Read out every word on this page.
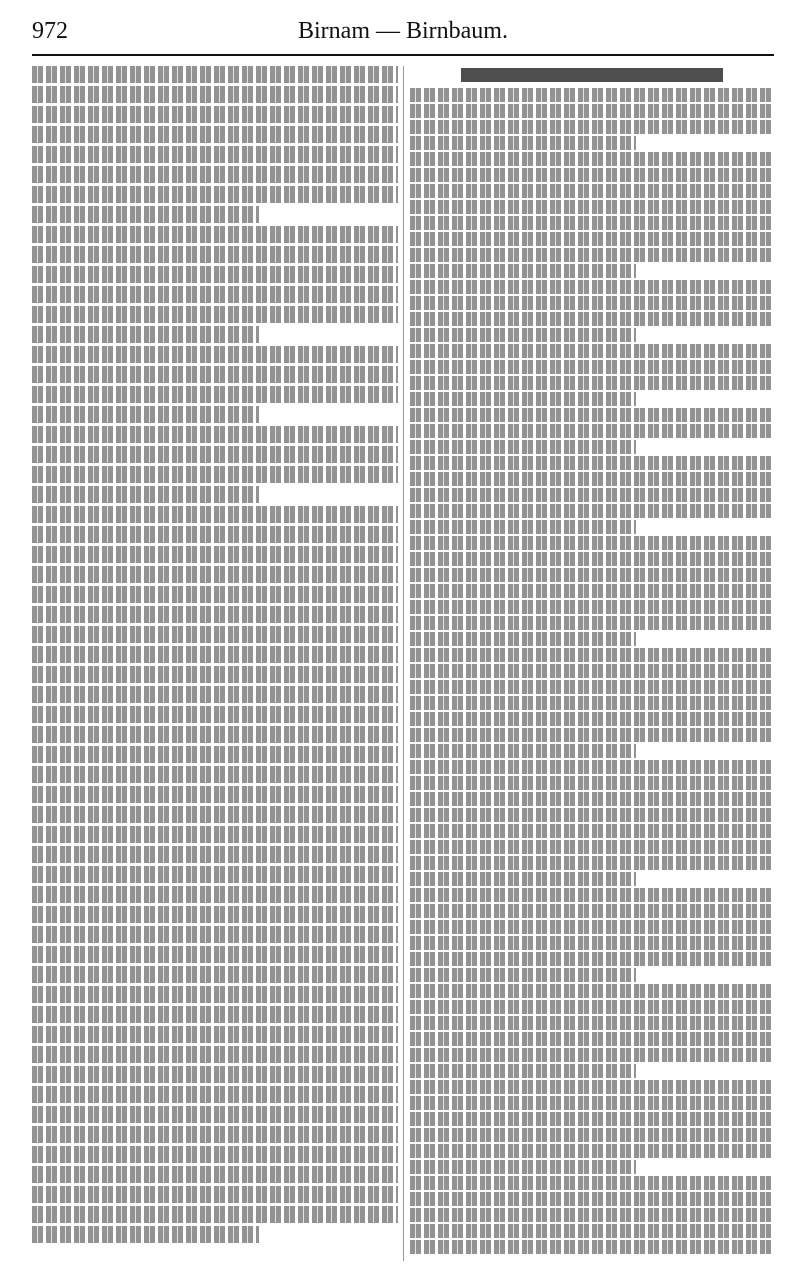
972	Birnam — Birnbaum.
